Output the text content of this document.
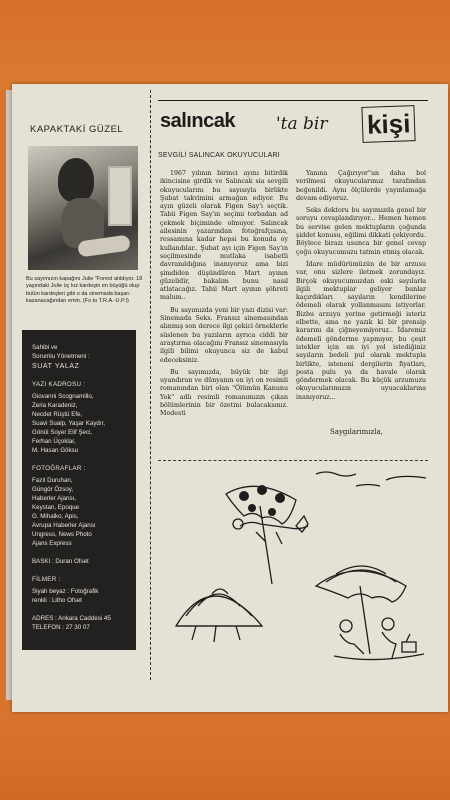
KAPAKTAKİ GÜZEL
Bu sayımızın kapağını Julie "Forest atıldıyor. 18 yaşındaki Julie üç kız kardeşin en büyüğü olup bütün kardeşleri gibi o da sinemada başarı kazanacağından emin. (Fo to T.R.A.-U.P.I)
Sahibi ve
Sorumlu Yönetmeni :
SUAT YALAZ
YAZI KADROSU :
Giovanni Scognamillo,
Zeria Karadeniz,
Necdet Rüştü Efe,
Suavi Sualp, Yaşar Kaydır,
Gönül Soyer Elif Şeci,
Ferhan Üçoklar,
M. Hasan Göksu
FOTOĞRAFLAR :
Fazıl Duruhan,
Güngör Özsoy,
Haberler Ajansı,
Keystan, Epoque
G. Mihalko, Apis,
Avrupa Haberler Ajansı
Ungress, News Photo
Ajans Express
BASKI : Duran Ofset
FİLMER :
Siyah beyaz : Fotoğrafik
renkli : Litho Ofset
ADRES : Ankara Caddesi 45
TELEFON : 27 30 07
salıncak 'ta bir kişi
SEVGİLİ SALINCAK OKUYUCULARI

1967 yılının birinci ayını bitirdik ikincisine girdik ve Salıncak sia sevgili okuyucularını bu sayısıyla birlikte Şubat takvimini armağan ediyor. Bu ayın güzeli olarak Figen Say'ı seçtik. Tabii Figen Say'ın seçimi torbadan ad çekmek biçiminde olmuyor. Salıncak ailesinin yazarından fotoğrafçısına, ressamına kadar hepsi bu konuda oy kullandılar.. Şubat ayı için Figen Say'ın seçilmesinde mutlaka isabetli davranıldığına inanıyoruz ama bizi şimdiden düşündüren Mart ayının güzelidir, bakalım bunu nasıl atlatacağız. Tabii Mart ayının şöhreti malum..

Bu sayımızda yeni bir yazı dizisi var: Sinemada Seks. Fransız sinemasından alınmış son derece ilgi çekici örneklerle süslenen bu yazıların ayrıca ciddi bir araştırma olacağını Fransız sinemasıyla ilgili bilimi okuyunca siz de kabul edeceksiniz.

Bu sayımızda, büyük bir ilgi uyandıran ve dünyanın en iyi on resimli romanından biri olan "Ölümün Kanunu Yok" adlı resimli romanımızın çıkan bölümlerinin bir özetini bulacaksınız. Modesti

Yanına Çağırıyor"un daha bol verilmesi okuyucularımız tarafından beğenildi. Aynı ölçülerde yayınlamağa devam ediyoruz.

Seks doktoru bu sayımızda genel bir soruyu cevaplandırıyor... Hemen hemen bu servise gelen mektupların çoğunda şiddet konusu, eğilimi dikkati çekiyordu. Böylece birazı usunca bir genel cevap çoğu okuyucumuzu tatmin etmiş olacak.

İdare müdürümüzün de bir arzusu var, onu sizlere iletmek zorundayız. Birçok okuyucumuzdan eski sayılarla ilgili mektuplar geliyor bunlar kaçırdıkları sayıların kendilerine ödemeli olarak yollanmasını istiyorlar. Bizbu arzuyu yerine getirmeği isteriz elbette, ama ne yazık ki bir prensip kararını da çiğneyemiyoruz.. İdaremiz ödemeli gönderme yapmıyor, bu çeşit istekler için en iyi yol istediğiniz sayıların bedeli pul olarak mektupla birlikte, isteneni dergilerin fiyatları, posta pulu ya da havale olarak göndermek olacak. Bu küçük arzumuzu okuyucularımızın uyuacaklarına inanıyoruz...

Saygılarımızla,
